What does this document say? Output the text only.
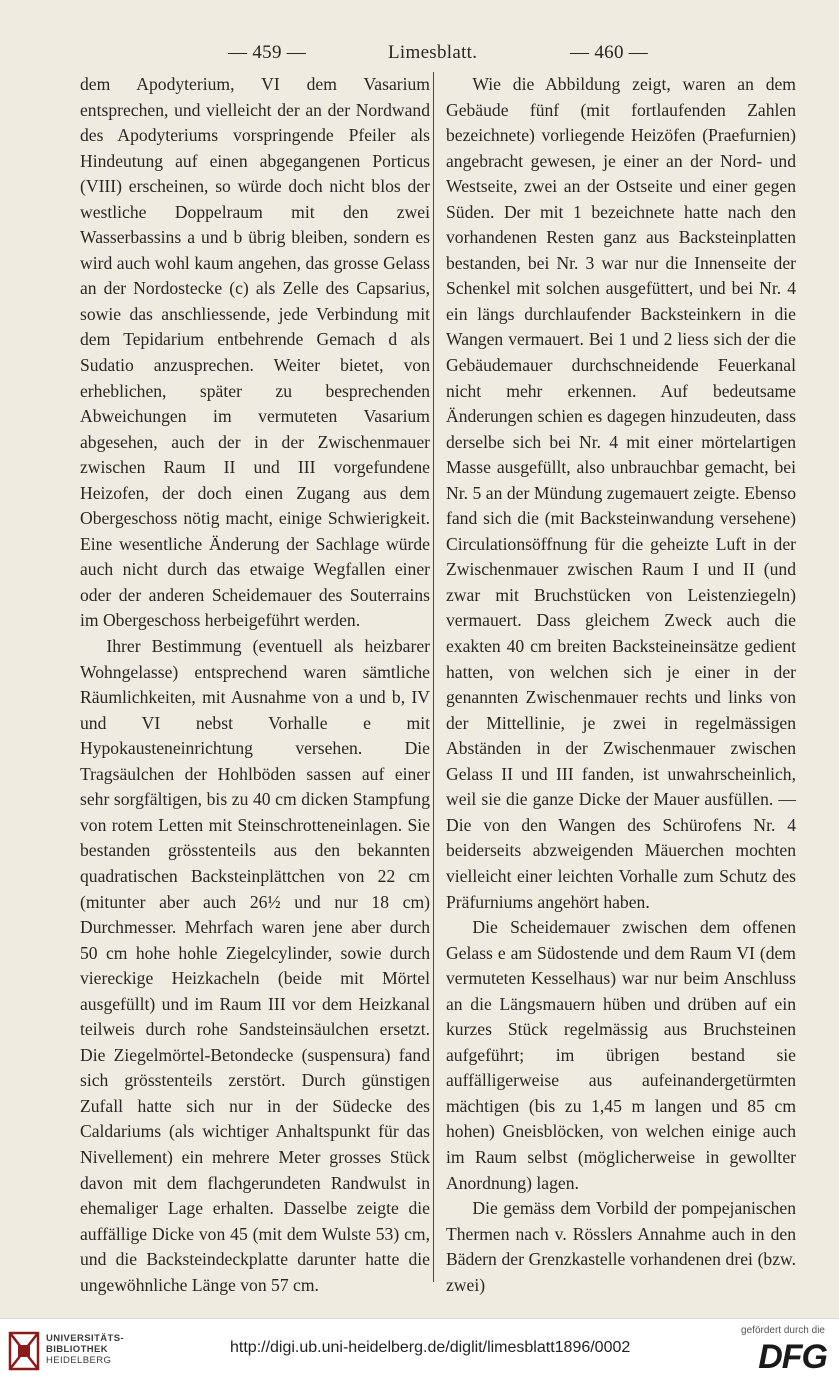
— 459 —	Limesblatt.	— 460 —

dem Apodyterium, VI dem Vasarium entsprechen, und vielleicht der an der Nordwand des Apodyteriums vorspringende Pfeiler als Hindeutung auf einen abgegangenen Porticus (VIII) erscheinen, so würde doch nicht blos der westliche Doppelraum mit den zwei Wasserbassins a und b übrig bleiben, sondern es wird auch wohl kaum angehen, das grosse Gelass an der Nordostecke (c) als Zelle des Capsarius, sowie das anschliessende, jede Verbindung mit dem Tepidarium entbehrende Gemach d als Sudatio anzusprechen. Weiter bietet, von erheblichen, später zu besprechenden Abweichungen im vermuteten Vasarium abgesehen, auch der in der Zwischenmauer zwischen Raum II und III vorgefundene Heizofen, der doch einen Zugang aus dem Obergeschoss nötig macht, einige Schwierigkeit. Eine wesentliche Änderung der Sachlage würde auch nicht durch das etwaige Wegfallen einer oder der anderen Scheidemauer des Souterrains im Obergeschoss herbeigeführt werden.

Ihrer Bestimmung (eventuell als heizbarer Wohngelasse) entsprechend waren sämtliche Räumlichkeiten, mit Ausnahme von a und b, IV und VI nebst Vorhalle e mit Hypokausteneinrichtung versehen. Die Tragsäulchen der Hohlböden sassen auf einer sehr sorgfältigen, bis zu 40 cm dicken Stampfung von rotem Letten mit Steinschrotteneinlagen. Sie bestanden grösstenteils aus den bekannten quadratischen Backsteinplättchen von 22 cm (mitunter aber auch 26½ und nur 18 cm) Durchmesser. Mehrfach waren jene aber durch 50 cm hohe hohle Ziegelcylinder, sowie durch viereckige Heizkacheln (beide mit Mörtel ausgefüllt) und im Raum III vor dem Heizkanal teilweis durch rohe Sandsteinsäulchen ersetzt. Die Ziegelmörtel-Betondecke (suspensura) fand sich grösstenteils zerstört. Durch günstigen Zufall hatte sich nur in der Südecke des Caldariums (als wichtiger Anhaltspunkt für das Nivellement) ein mehrere Meter grosses Stück davon mit dem flachgerundeten Randwulst in ehemaliger Lage erhalten. Dasselbe zeigte die auffällige Dicke von 45 (mit dem Wulste 53) cm, und die Backsteindeckplatte darunter hatte die ungewöhnliche Länge von 57 cm.

Wie die Abbildung zeigt, waren an dem Gebäude fünf (mit fortlaufenden Zahlen bezeichnete) vorliegende Heizöfen (Praefurnien) angebracht gewesen, je einer an der Nord- und Westseite, zwei an der Ostseite und einer gegen Süden. Der mit 1 bezeichnete hatte nach den vorhandenen Resten ganz aus Backsteinplatten bestanden, bei Nr. 3 war nur die Innenseite der Schenkel mit solchen ausgefüttert, und bei Nr. 4 ein längs durchlaufender Backsteinkern in die Wangen vermauert. Bei 1 und 2 liess sich der die Gebäudemauer durchschneidende Feuerkanal nicht mehr erkennen. Auf bedeutsame Änderungen schien es dagegen hinzudeuten, dass derselbe sich bei Nr. 4 mit einer mörtelartigen Masse ausgefüllt, also unbrauchbar gemacht, bei Nr. 5 an der Mündung zugemauert zeigte. Ebenso fand sich die (mit Backsteinwandung versehene) Circulationsöffnung für die geheizte Luft in der Zwischenmauer zwischen Raum I und II (und zwar mit Bruchstücken von Leistenziegeln) vermauert. Dass gleichem Zweck auch die exakten 40 cm breiten Backsteineinsätze gedient hatten, von welchen sich je einer in der genannten Zwischenmauer rechts und links von der Mittellinie, je zwei in regelmässigen Abständen in der Zwischenmauer zwischen Gelass II und III fanden, ist unwahrscheinlich, weil sie die ganze Dicke der Mauer ausfüllen. — Die von den Wangen des Schürofens Nr. 4 beiderseits abzweigenden Mäuerchen mochten vielleicht einer leichten Vorhalle zum Schutz des Präfurniums angehört haben.

Die Scheidemauer zwischen dem offenen Gelass e am Südostende und dem Raum VI (dem vermuteten Kesselhaus) war nur beim Anschluss an die Längsmauern hüben und drüben auf ein kurzes Stück regelmässig aus Bruchsteinen aufgeführt; im übrigen bestand sie auffälligerweise aus aufeinandergetürmten mächtigen (bis zu 1,45 m langen und 85 cm hohen) Gneisblöcken, von welchen einige auch im Raum selbst (möglicherweise in gewollter Anordnung) lagen.

Die gemäss dem Vorbild der pompejanischen Thermen nach v. Rösslers Annahme auch in den Bädern der Grenzkastelle vorhandenen drei (bzw. zwei)

UNIVERSITÄTS-
BIBLIOTHEK
HEIDELBERG
http://digi.ub.uni-heidelberg.de/diglit/limesblatt1896/0002
gefördert durch die
DFG
